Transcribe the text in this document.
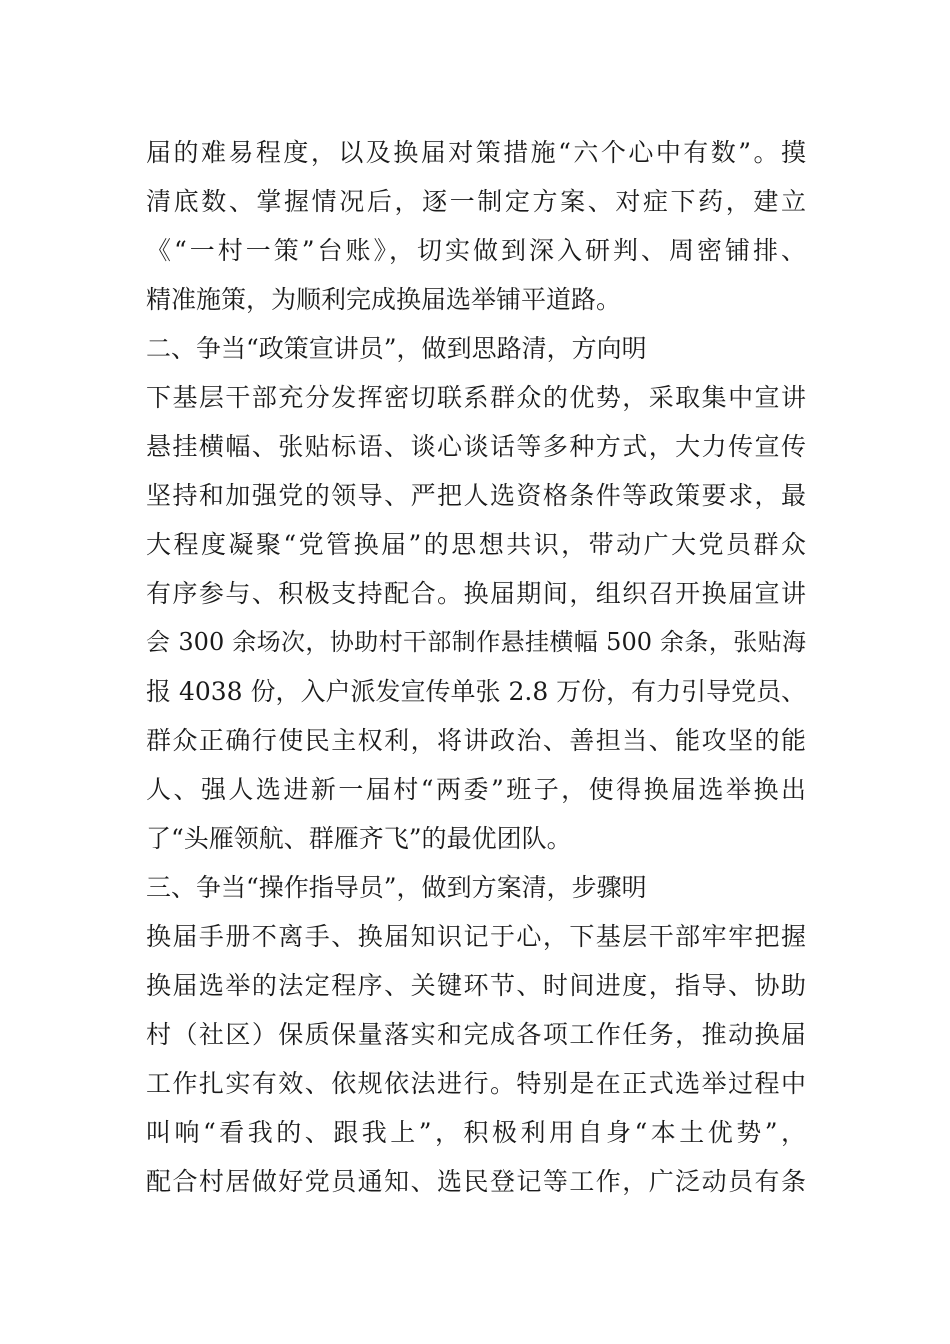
届的难易程度，以及换届对策措施“六个心中有数”。摸
清底数、掌握情况后，逐一制定方案、对症下药，建立
《“一村一策”台账》，切实做到深入研判、周密铺排、
精准施策，为顺利完成换届选举铺平道路。
二、争当“政策宣讲员”，做到思路清，方向明
下基层干部充分发挥密切联系群众的优势，采取集中宣讲
悬挂横幅、张贴标语、谈心谈话等多种方式，大力传宣传
坚持和加强党的领导、严把人选资格条件等政策要求，最
大程度凝聚“党管换届”的思想共识，带动广大党员群众
有序参与、积极支持配合。换届期间，组织召开换届宣讲
会 300 余场次，协助村干部制作悬挂横幅 500 余条，张贴海
报 4038 份，入户派发宣传单张 2.8 万份，有力引导党员、
群众正确行使民主权利，将讲政治、善担当、能攻坚的能
人、强人选进新一届村“两委”班子，使得换届选举换出
了“头雁领航、群雁齐飞”的最优团队。
三、争当“操作指导员”，做到方案清，步骤明
换届手册不离手、换届知识记于心，下基层干部牢牢把握
换届选举的法定程序、关键环节、时间进度，指导、协助
村（社区）保质保量落实和完成各项工作任务，推动换届
工作扎实有效、依规依法进行。特别是在正式选举过程中
叫响“看我的、跟我上”，积极利用自身“本土优势”，
配合村居做好党员通知、选民登记等工作，广泛动员有条
